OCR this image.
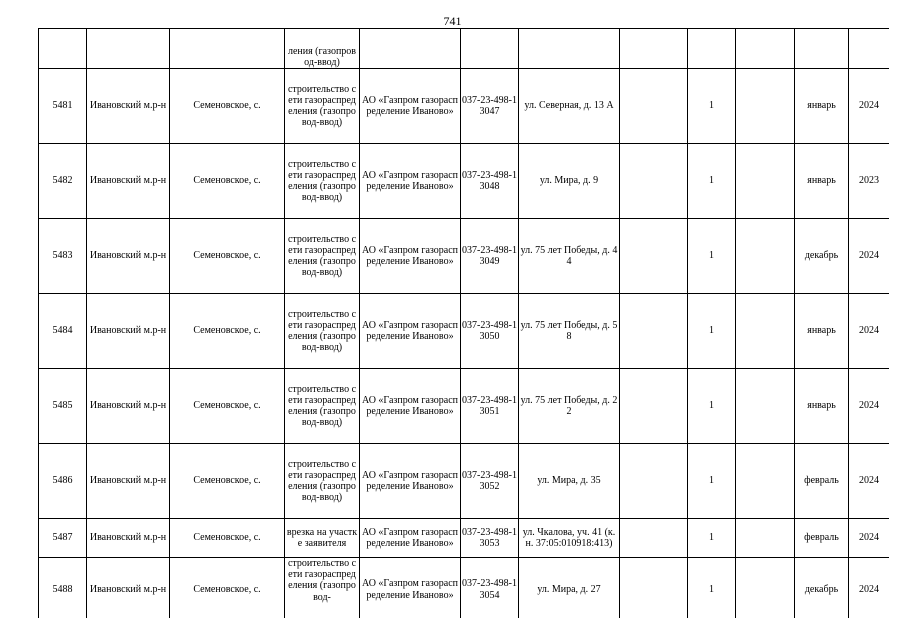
741
			ления (газопровод-ввод)								
5481	Ивановский м.р-н	Семеновское, с.	строительство сети газораспределения (газопровод-ввод)	АО «Газпром газораспределение Иваново»	037-23-498-13047	ул. Северная, д. 13 А		1		январь	2024
5482	Ивановский м.р-н	Семеновское, с.	строительство сети газораспределения (газопровод-ввод)	АО «Газпром газораспределение Иваново»	037-23-498-13048	ул. Мира, д. 9		1		январь	2023
5483	Ивановский м.р-н	Семеновское, с.	строительство сети газораспределения (газопровод-ввод)	АО «Газпром газораспределение Иваново»	037-23-498-13049	ул. 75 лет Победы, д. 44		1		декабрь	2024
5484	Ивановский м.р-н	Семеновское, с.	строительство сети газораспределения (газопровод-ввод)	АО «Газпром газораспределение Иваново»	037-23-498-13050	ул. 75 лет Победы, д. 58		1		январь	2024
5485	Ивановский м.р-н	Семеновское, с.	строительство сети газораспределения (газопровод-ввод)	АО «Газпром газораспределение Иваново»	037-23-498-13051	ул. 75 лет Победы, д. 22		1		январь	2024
5486	Ивановский м.р-н	Семеновское, с.	строительство сети газораспределения (газопровод-ввод)	АО «Газпром газораспределение Иваново»	037-23-498-13052	ул. Мира, д. 35		1		февраль	2024
5487	Ивановский м.р-н	Семеновское, с.	врезка на участке заявителя	АО «Газпром газораспределение Иваново»	037-23-498-13053	ул. Чкалова, уч. 41 (к.н. 37:05:010918:413)		1		февраль	2024
5488	Ивановский м.р-н	Семеновское, с.	строительство сети газораспределения (газопровод-	АО «Газпром газораспределение Иваново»	037-23-498-13054	ул. Мира, д. 27		1		декабрь	2024
